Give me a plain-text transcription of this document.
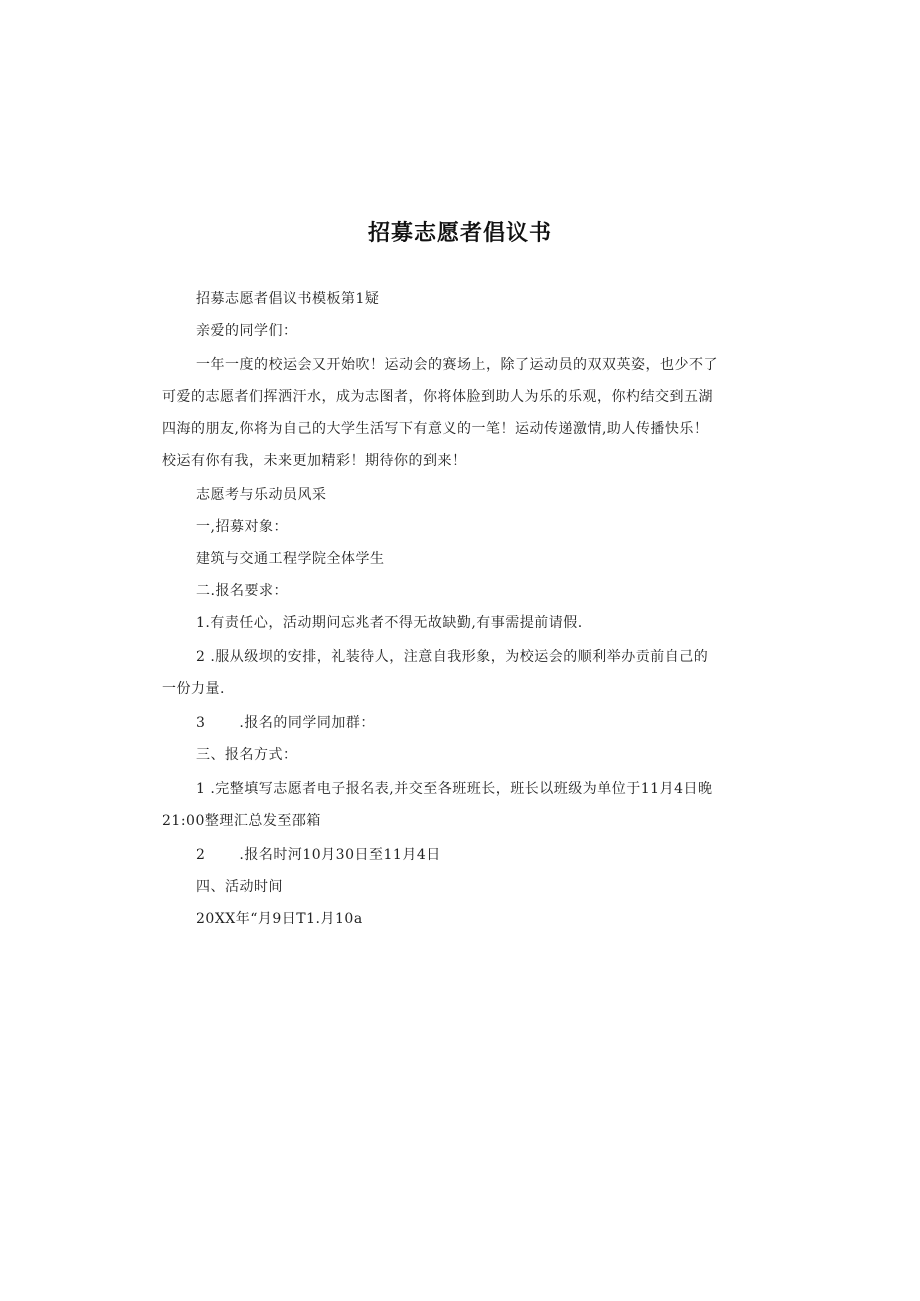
招募志愿者倡议书
招募志愿者倡议书模板第1疑
亲爱的同学们：
一年一度的校运会又开始吹！运动会的赛场上，除了运动员的双双英姿，也少不了
可爱的志愿者们挥洒汗水，成为志图者，你将体脸到助人为乐的乐观，你杓结交到五湖
四海的朋友,你将为自己的大学生活写下有意义的一笔！运动传递激情,助人传播快乐！
校运有你有我，未来更加精彩！期待你的到来！
志愿考与乐动员风采
一,招募对象：
建筑与交通工程学院全体学生
二.报名要求：
1.有责任心，活动期问忘兆者不得无故缺勤,有事需提前请假.
2 .服从级坝的安排，礼装待人，注意自我形象，为校运会的顺利举办贡前自己的
一份力量.
3 .报名的同学同加群：
三、报名方式：
1 .完整填写志愿者电子报名表,并交至各班班长，班长以班级为单位于11月4日晚
21:00整理汇总发至邵箱
2 .报名时河10月30日至11月4日
四、活动时间
20XX年“月9日T1.月10a
